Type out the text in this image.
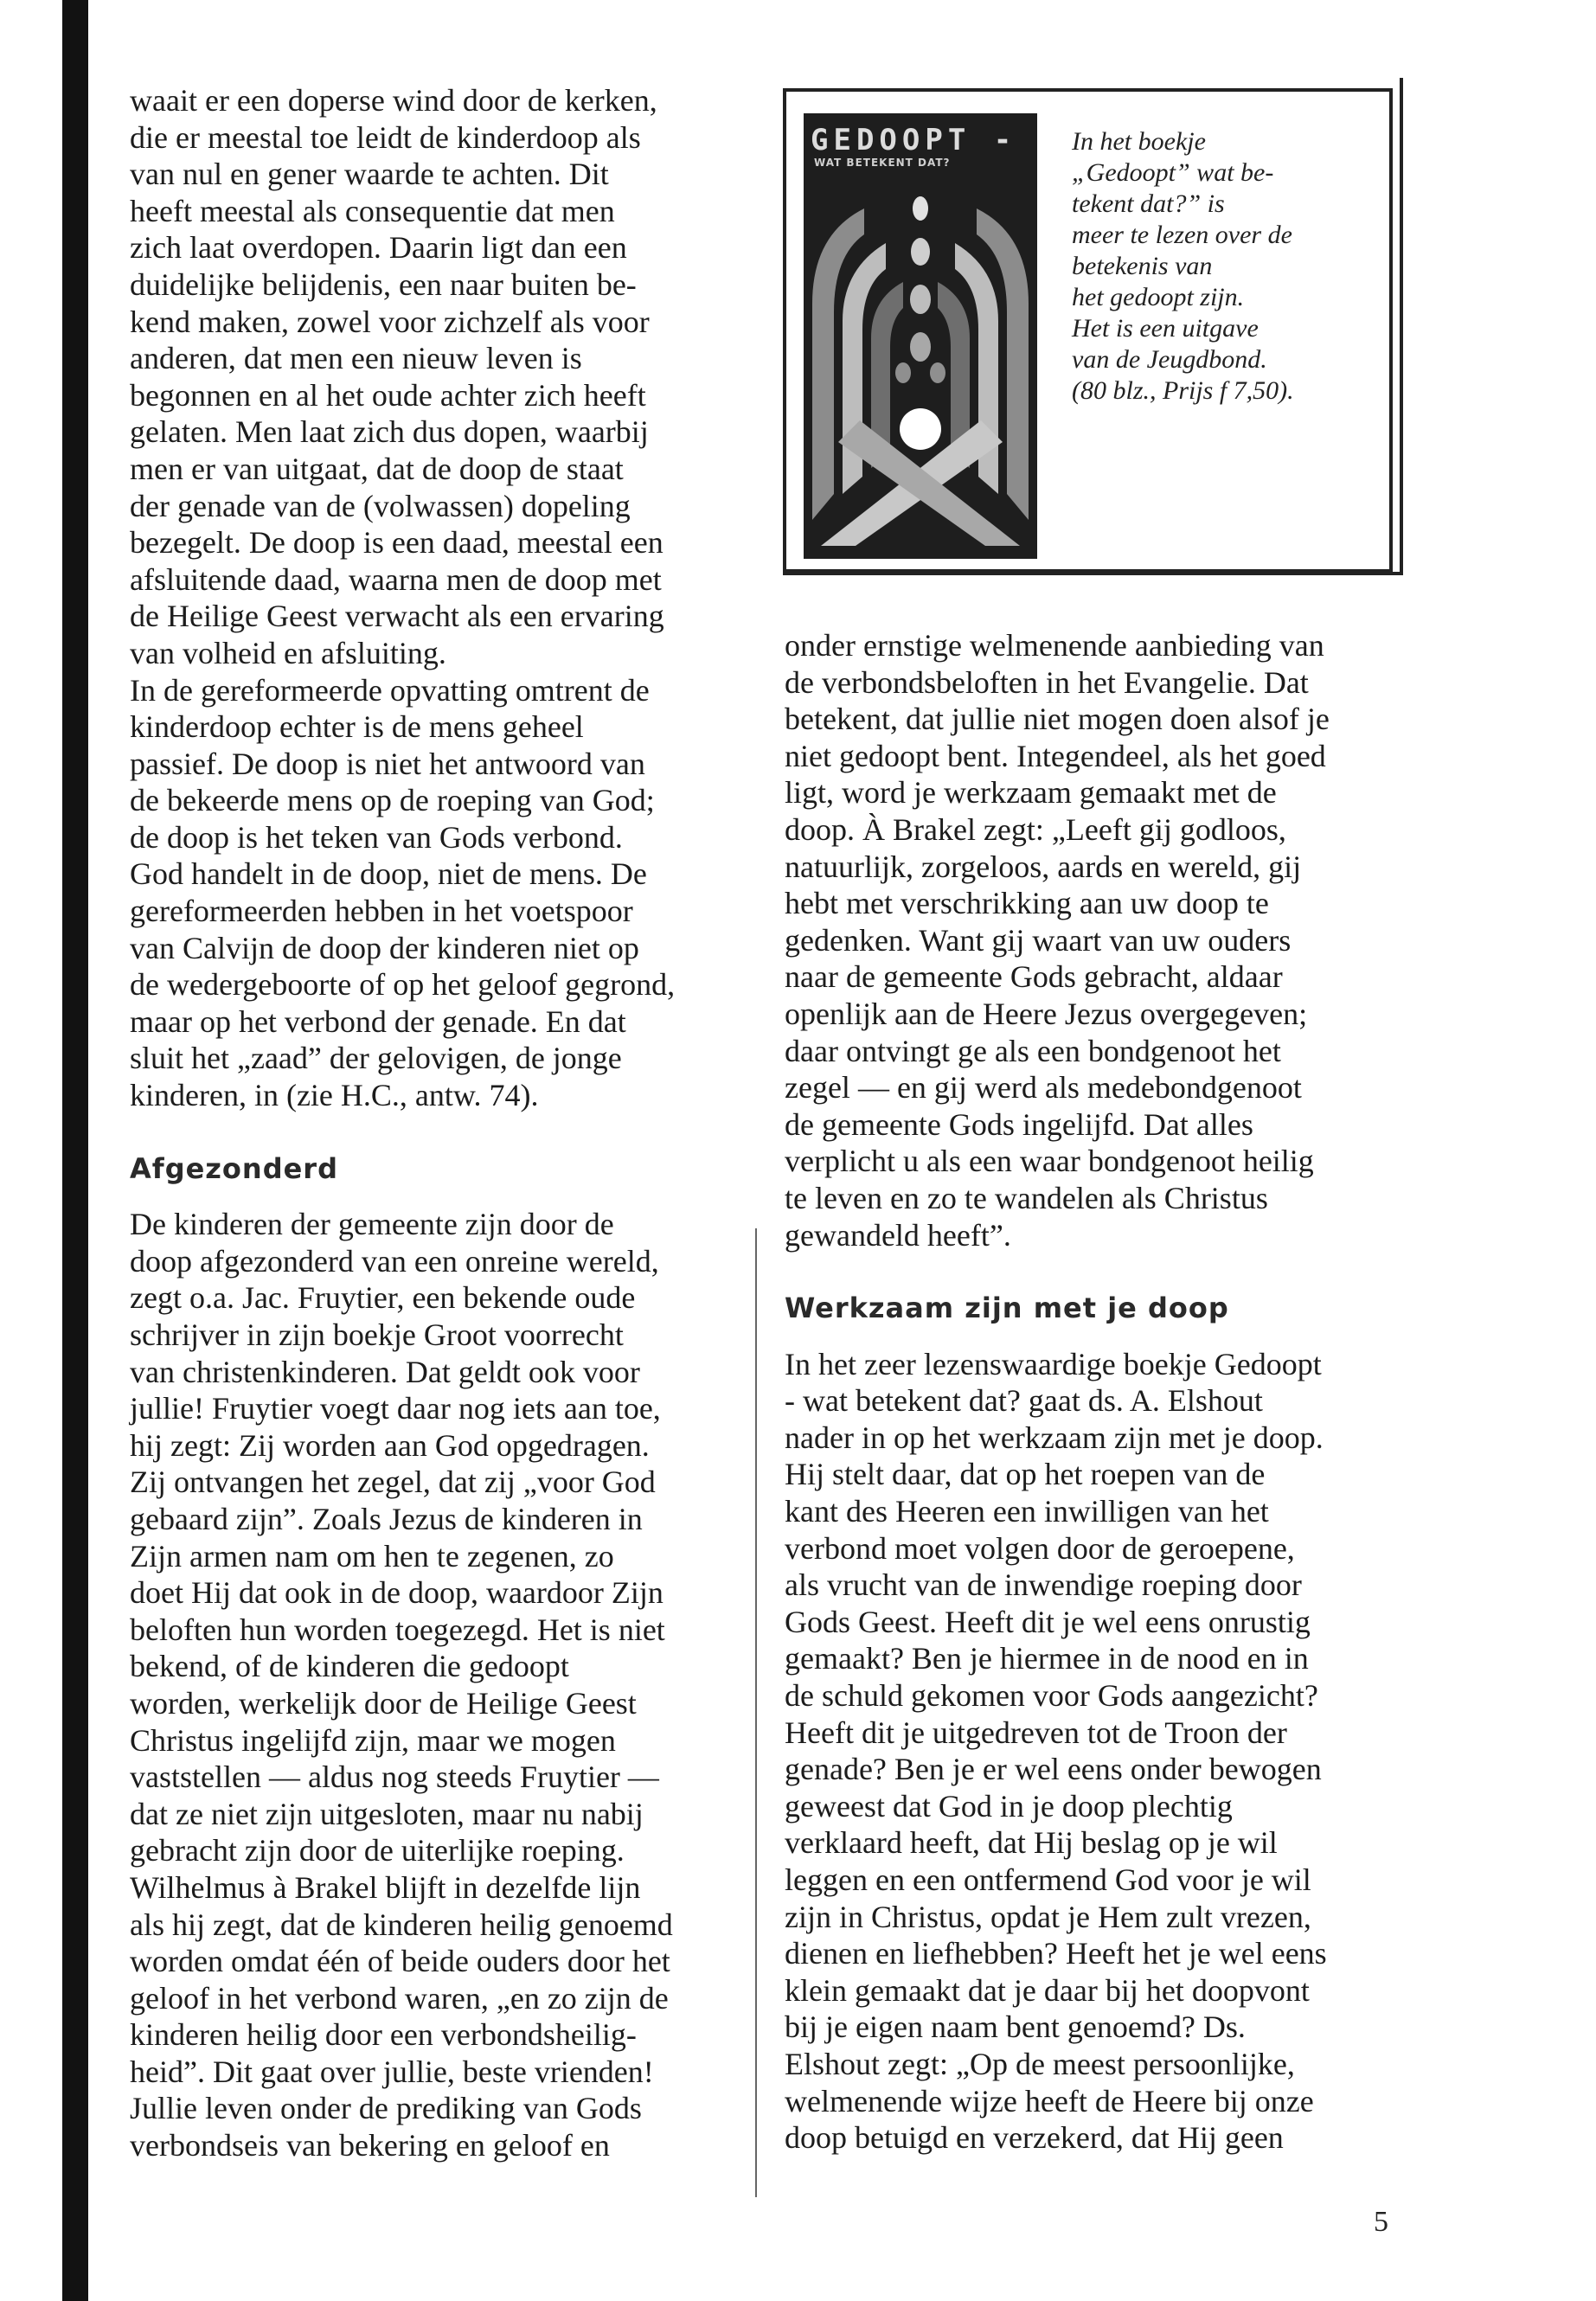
GEDOOPT -

WAT BETEKENT DAT?

In het boekje

„Gedoopt” wat be-

tekent dat?” is

meer te lezen over de

betekenis van

het gedoopt zijn.

Het is een uitgave

van de Jeugdbond.

(80 blz., Prijs f 7,50).

waait er een doperse wind door de kerken,

die er meestal toe leidt de kinderdoop als

van nul en gener waarde te achten. Dit

heeft meestal als consequentie dat men

zich laat overdopen. Daarin ligt dan een

duidelijke belijdenis, een naar buiten be-

kend maken, zowel voor zichzelf als voor

anderen, dat men een nieuw leven is

begonnen en al het oude achter zich heeft

gelaten. Men laat zich dus dopen, waarbij

men er van uitgaat, dat de doop de staat

der genade van de (volwassen) dopeling

bezegelt. De doop is een daad, meestal een

afsluitende daad, waarna men de doop met

de Heilige Geest verwacht als een ervaring

van volheid en afsluiting.

In de gereformeerde opvatting omtrent de

kinderdoop echter is de mens geheel

passief. De doop is niet het antwoord van

de bekeerde mens op de roeping van God;

de doop is het teken van Gods verbond.

God handelt in de doop, niet de mens. De

gereformeerden hebben in het voetspoor

van Calvijn de doop der kinderen niet op

de wedergeboorte of op het geloof gegrond,

maar op het verbond der genade. En dat

sluit het „zaad” der gelovigen, de jonge

kinderen, in (zie H.C., antw. 74).

Afgezonderd

De kinderen der gemeente zijn door de

doop afgezonderd van een onreine wereld,

zegt o.a. Jac. Fruytier, een bekende oude

schrijver in zijn boekje Groot voorrecht

van christenkinderen. Dat geldt ook voor

jullie! Fruytier voegt daar nog iets aan toe,

hij zegt: Zij worden aan God opgedragen.

Zij ontvangen het zegel, dat zij „voor God

gebaard zijn”. Zoals Jezus de kinderen in

Zijn armen nam om hen te zegenen, zo

doet Hij dat ook in de doop, waardoor Zijn

beloften hun worden toegezegd. Het is niet

bekend, of de kinderen die gedoopt

worden, werkelijk door de Heilige Geest

Christus ingelijfd zijn, maar we mogen

vaststellen — aldus nog steeds Fruytier —

dat ze niet zijn uitgesloten, maar nu nabij

gebracht zijn door de uiterlijke roeping.

Wilhelmus à Brakel blijft in dezelfde lijn

als hij zegt, dat de kinderen heilig genoemd

worden omdat één of beide ouders door het

geloof in het verbond waren, „en zo zijn de

kinderen heilig door een verbondsheilig-

heid”. Dit gaat over jullie, beste vrienden!

Jullie leven onder de prediking van Gods

verbondseis van bekering en geloof en

onder ernstige welmenende aanbieding van

de verbondsbeloften in het Evangelie. Dat

betekent, dat jullie niet mogen doen alsof je

niet gedoopt bent. Integendeel, als het goed

ligt, word je werkzaam gemaakt met de

doop. À Brakel zegt: „Leeft gij godloos,

natuurlijk, zorgeloos, aards en wereld, gij

hebt met verschrikking aan uw doop te

gedenken. Want gij waart van uw ouders

naar de gemeente Gods gebracht, aldaar

openlijk aan de Heere Jezus overgegeven;

daar ontvingt ge als een bondgenoot het

zegel — en gij werd als medebondgenoot

de gemeente Gods ingelijfd. Dat alles

verplicht u als een waar bondgenoot heilig

te leven en zo te wandelen als Christus

gewandeld heeft”.

Werkzaam zijn met je doop

In het zeer lezenswaardige boekje Gedoopt

- wat betekent dat? gaat ds. A. Elshout

nader in op het werkzaam zijn met je doop.

Hij stelt daar, dat op het roepen van de

kant des Heeren een inwilligen van het

verbond moet volgen door de geroepene,

als vrucht van de inwendige roeping door

Gods Geest. Heeft dit je wel eens onrustig

gemaakt? Ben je hiermee in de nood en in

de schuld gekomen voor Gods aangezicht?

Heeft dit je uitgedreven tot de Troon der

genade? Ben je er wel eens onder bewogen

geweest dat God in je doop plechtig

verklaard heeft, dat Hij beslag op je wil

leggen en een ontfermend God voor je wil

zijn in Christus, opdat je Hem zult vrezen,

dienen en liefhebben? Heeft het je wel eens

klein gemaakt dat je daar bij het doopvont

bij je eigen naam bent genoemd? Ds.

Elshout zegt: „Op de meest persoonlijke,

welmenende wijze heeft de Heere bij onze

doop betuigd en verzekerd, dat Hij geen

5
